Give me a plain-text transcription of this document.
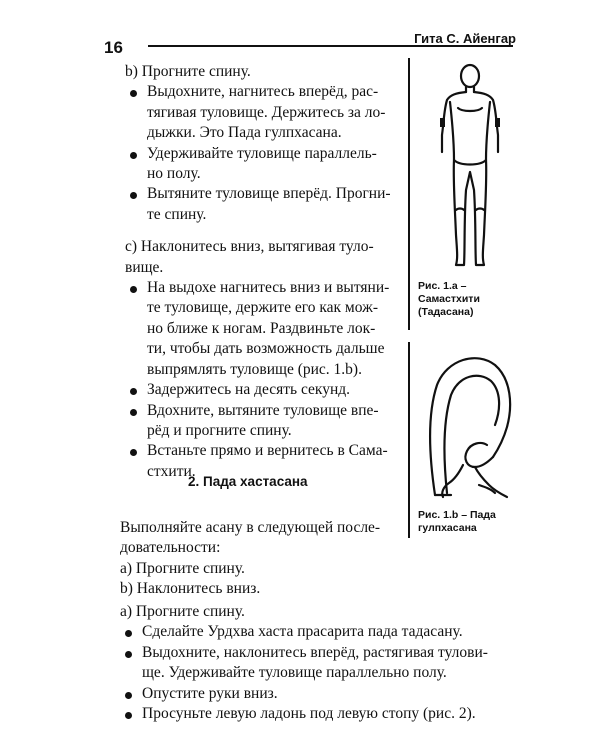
16	Гита С. Айенгар
b) Прогните спину.
Выдохните, нагнитесь вперёд, рас-
тягивая туловище. Держитесь за ло-
дыжки. Это Пада гулпхасана.
Удерживайте туловище параллель-
но полу.
Вытяните туловище вперёд. Прогни-
те спину.
c) Наклонитесь вниз, вытягивая туло-
вище.
На выдохе нагнитесь вниз и вытяни-
те туловище, держите его как мож-
но ближе к ногам. Раздвиньте лок-
ти, чтобы дать возможность дальше
выпрямлять туловище (рис. 1.b).
Задержитесь на десять секунд.
Вдохните, вытяните туловище впе-
рёд и прогните спину.
Встаньте прямо и вернитесь в Сама-
стхити.
Рис. 1.а –
Самастхити
(Тадасана)
Рис. 1.b – Пада
гулпхасана
2. Пада хастасана
Выполняйте асану в следующей после-
довательности:
a) Прогните спину.
b) Наклонитесь вниз.
a) Прогните спину.
Сделайте Урдхва хаста прасарита пада тадасану.
Выдохните, наклонитесь вперёд, растягивая тулови-
ще. Удерживайте туловище параллельно полу.
Опустите руки вниз.
Просуньте левую ладонь под левую стопу (рис. 2).
